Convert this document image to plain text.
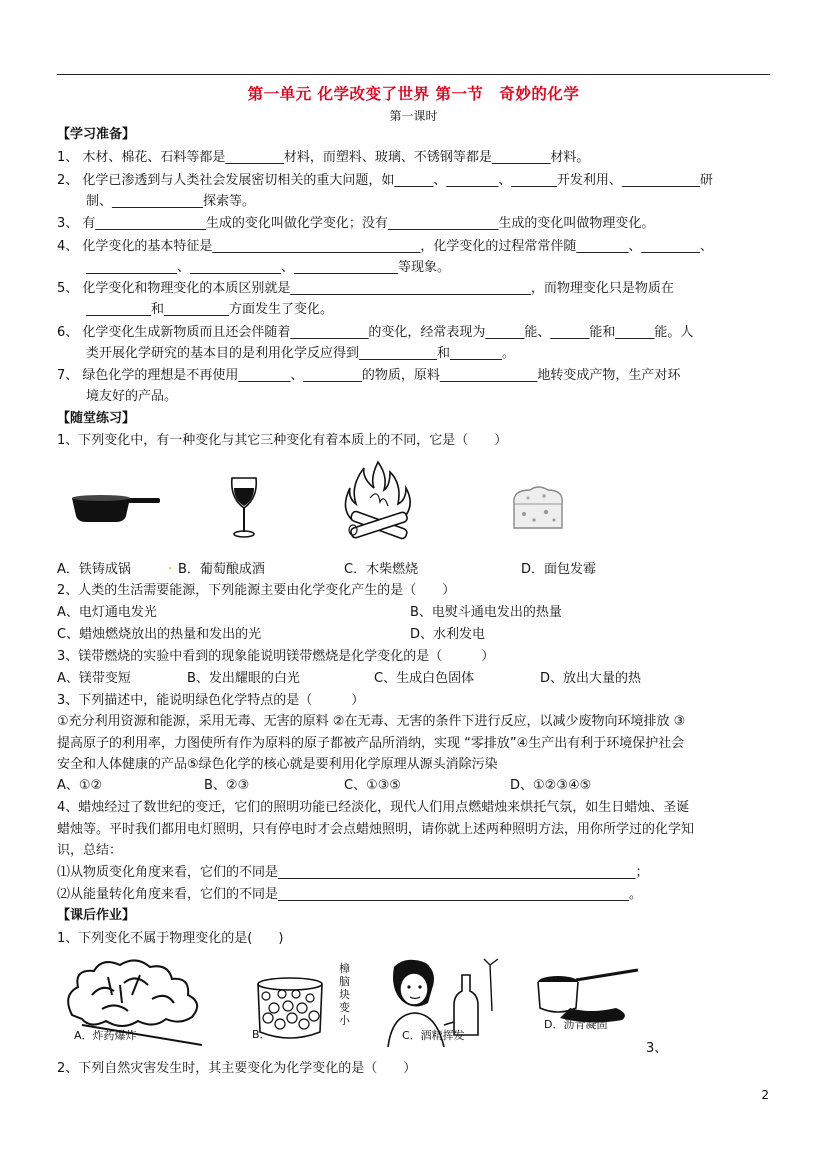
第一单元 化学改变了世界 第一节　奇妙的化学
第一课时
【学习准备】
1、 木材、棉花、石料等都是_________材料，而塑料、玻璃、不锈钢等都是_________材料。
2、 化学已渗透到与人类社会发展密切相关的重大问题，如______、________、_______开发利用、____________研
制、______________探索等。
3、 有_________________生成的变化叫做化学变化；没有_________________生成的变化叫做物理变化。
4、 化学变化的基本特征是________________________________，化学变化的过程常常伴随________、_________、
______________、______________、________________等现象。
5、 化学变化和物理变化的本质区别就是_____________________________________，而物理变化只是物质在
__________和__________方面发生了变化。
6、 化学变化生成新物质而且还会伴随着____________的变化，经常表现为______能、______能和______能。人
类开展化学研究的基本目的是利用化学反应得到____________和________。
7、 绿色化学的理想是不再使用________、_________的物质，原料_______________地转变成产物，生产对环
境友好的产品。
【随堂练习】
1、下列变化中，有一种变化与其它三种变化有着本质上的不同，它是（　　）
A．铁铸成锅	. B．葡萄酿成酒	C．木柴燃烧	D．面包发霉
2、人类的生活需要能源，下列能源主要由化学变化产生的是（　　）
A、电灯通电发光	B、电熨斗通电发出的热量
C、蜡烛燃烧放出的热量和发出的光	D、水利发电
3、镁带燃烧的实验中看到的现象能说明镁带燃烧是化学变化的是（　　　）
A、镁带变短	B、发出耀眼的白光	C、生成白色固体	D、放出大量的热
3、下列描述中，能说明绿色化学特点的是（　　　）
①充分利用资源和能源，采用无毒、无害的原料 ②在无毒、无害的条件下进行反应，以减少废物向环境排放 ③
提高原子的利用率，力图使所有作为原料的原子都被产品所消纳，实现 “零排放”④生产出有利于环境保护社会
安全和人体健康的产品⑤绿色化学的核心就是要利用化学原理从源头消除污染
A、①②	B、②③	C、①③⑤	D、①②③④⑤
4、蜡烛经过了数世纪的变迁，它们的照明功能已经淡化，现代人们用点燃蜡烛来烘托气氛，如生日蜡烛、圣诞
蜡烛等。平时我们都用电灯照明，只有停电时才会点蜡烛照明，请你就上述两种照明方法，用你所学过的化学知
识，总结：
⑴从物质变化角度来看，它们的不同是_______________________________________________________；
⑵从能量转化角度来看，它们的不同是______________________________________________________。
【课后作业】
1、下列变化不属于物理变化的是(　　)
A．炸药爆炸	B．
樟脑块变小
C．酒精挥发
D．沥青凝固
3、
2、下列自然灾害发生时，其主要变化为化学变化的是（　　）
2
